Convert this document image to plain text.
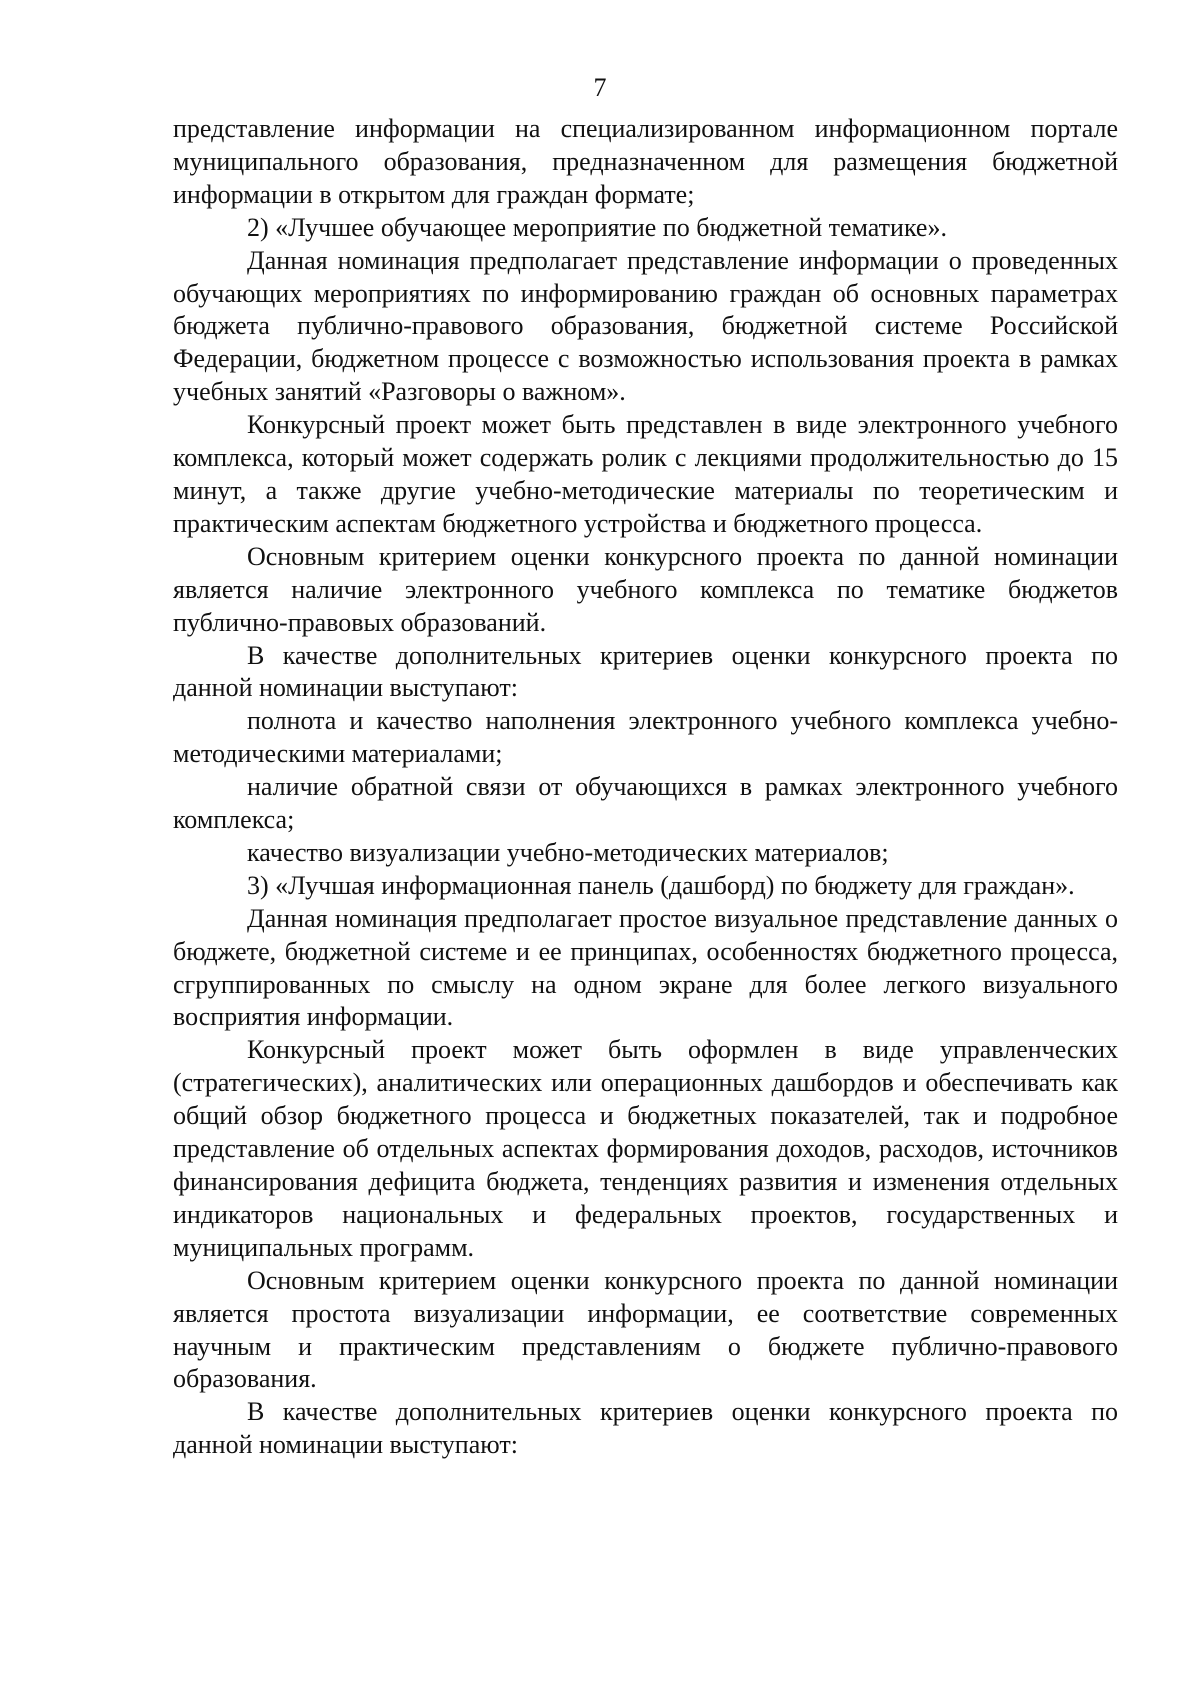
7

представление информации на специализированном информационном портале муниципального образования, предназначенном для размещения бюджетной информации в открытом для граждан формате;

2) «Лучшее обучающее мероприятие по бюджетной тематике».

Данная номинация предполагает представление информации о проведенных обучающих мероприятиях по информированию граждан об основных параметрах бюджета публично-правового образования, бюджетной системе Российской Федерации, бюджетном процессе с возможностью использования проекта в рамках учебных занятий «Разговоры о важном».

Конкурсный проект может быть представлен в виде электронного учебного комплекса, который может содержать ролик с лекциями продолжительностью до 15 минут, а также другие учебно-методические материалы по теоретическим и практическим аспектам бюджетного устройства и бюджетного процесса.

Основным критерием оценки конкурсного проекта по данной номинации является наличие электронного учебного комплекса по тематике бюджетов публично-правовых образований.

В качестве дополнительных критериев оценки конкурсного проекта по данной номинации выступают:

полнота и качество наполнения электронного учебного комплекса учебно-методическими материалами;

наличие обратной связи от обучающихся в рамках электронного учебного комплекса;

качество визуализации учебно-методических материалов;

3) «Лучшая информационная панель (дашборд) по бюджету для граждан».

Данная номинация предполагает простое визуальное представление данных о бюджете, бюджетной системе и ее принципах, особенностях бюджетного процесса, сгруппированных по смыслу на одном экране для более легкого визуального восприятия информации.

Конкурсный проект может быть оформлен в виде управленческих (стратегических), аналитических или операционных дашбордов и обеспечивать как общий обзор бюджетного процесса и бюджетных показателей, так и подробное представление об отдельных аспектах формирования доходов, расходов, источников финансирования дефицита бюджета, тенденциях развития и изменения отдельных индикаторов национальных и федеральных проектов, государственных и муниципальных программ.

Основным критерием оценки конкурсного проекта по данной номинации является простота визуализации информации, ее соответствие современных научным и практическим представлениям о бюджете публично-правового образования.

В качестве дополнительных критериев оценки конкурсного проекта по данной номинации выступают:
